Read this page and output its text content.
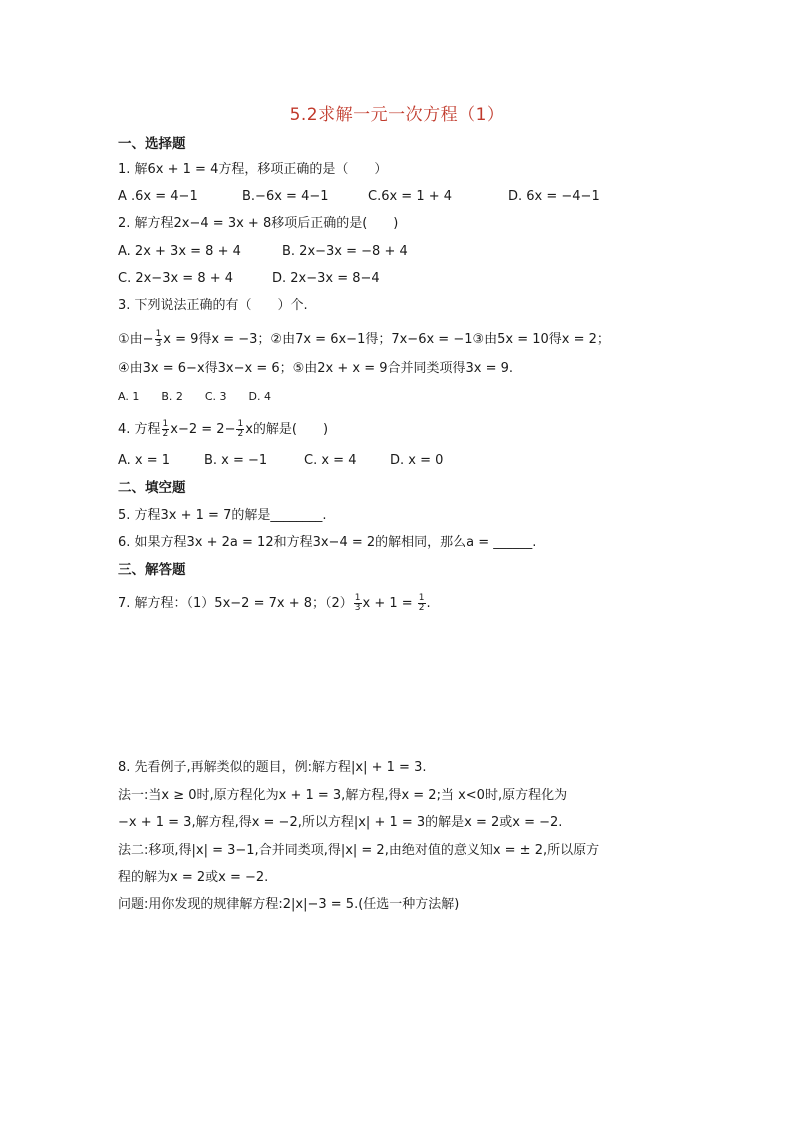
5.2求解一元一次方程（1）
一、选择题
1. 解6x + 1 = 4方程，移项正确的是（　　）
A .6x = 4−1	B.−6x = 4−1	C.6x = 1 + 4	D. 6x = −4−1
2. 解方程2x−4 = 3x + 8移项后正确的是(　　)
A. 2x + 3x = 8 + 4	B. 2x−3x = −8 + 4
C. 2x−3x = 8 + 4	D. 2x−3x = 8−4
3. 下列说法正确的有（　　）个.
①由− $\frac{1}{3}$ x = 9得x = −3；②由7x = 6x−1得；7x−6x = −1③由5x = 10得x = 2；
④由3x = 6−x得3x−x = 6；⑤由2x + x = 9合并同类项得3x = 9.
A. 1　　B. 2　　C. 3　　D. 4
4. 方程 $\frac{1}{2} x-2 = 2- \frac{1}{2}$ x的解是(　　)
A. x = 1	B. x = −1	C. x = 4	D. x = 0
二、填空题
5. 方程3x + 1 = 7的解是________.
6. 如果方程3x + 2a = 12和方程3x−4 = 2的解相同，那么a = ______.
三、解答题
7. 解方程：（1）5x−2 = 7x + 8；$(2) \frac{1}{3}$ $x + 1 = \frac{1}{2}$ .
8. 先看例子,再解类似的题目，例:解方程|x| + 1 = 3.
法一:当x ≥ 0时,原方程化为x + 1 = 3,解方程,得x = 2;当 x<0时,原方程化为
−x + 1 = 3,解方程,得x = −2,所以方程|x| + 1 = 3的解是x = 2或x = −2.
法二:移项,得|x| = 3−1,合并同类项,得|x| = 2,由绝对值的意义知x = ± 2,所以原方
程的解为x = 2或x = −2.
问题:用你发现的规律解方程:2|x|−3 = 5.(任选一种方法解)
